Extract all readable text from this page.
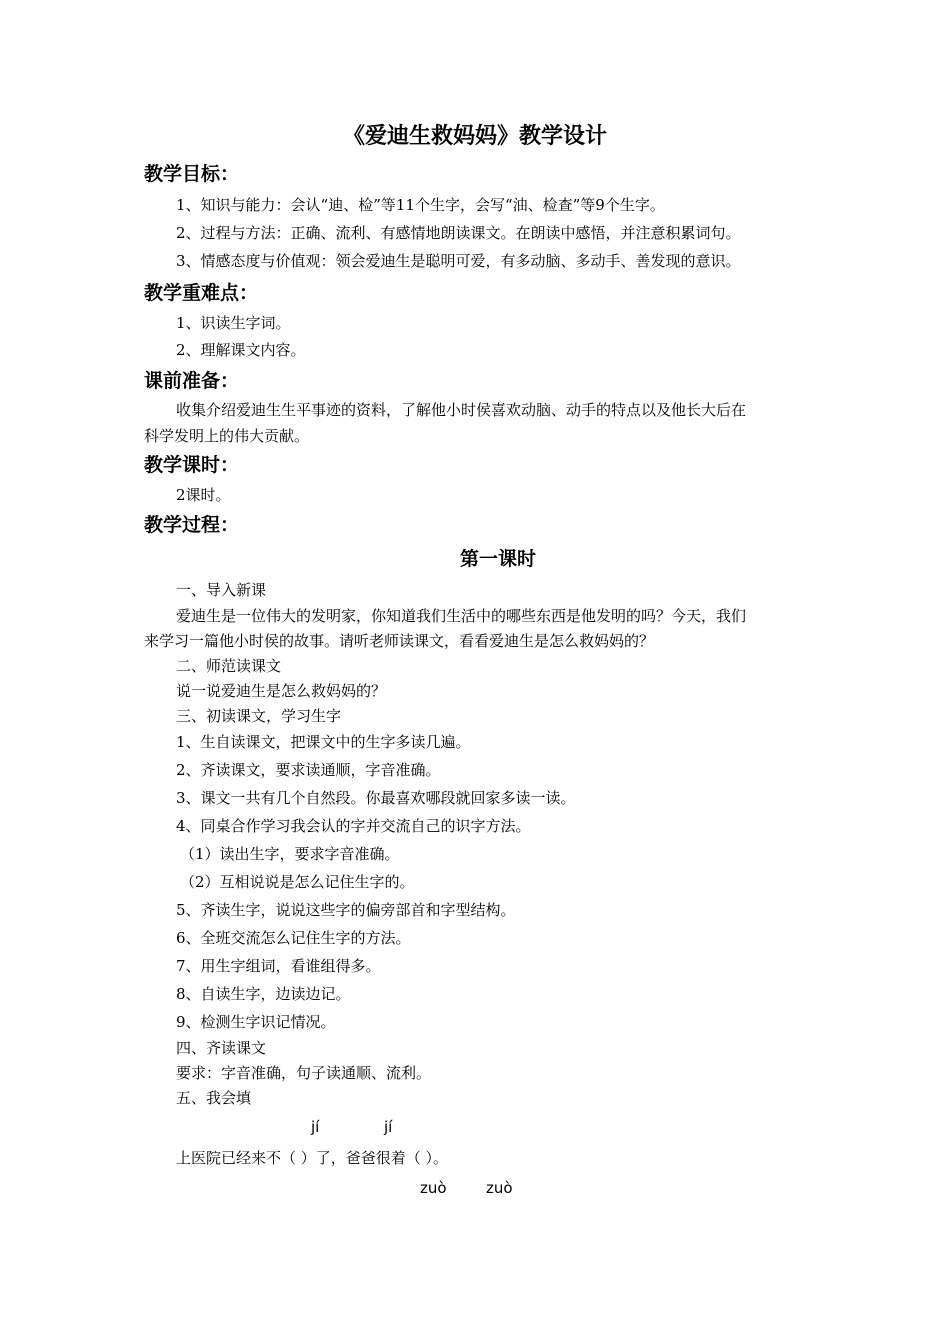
《爱迪生救妈妈》教学设计
教学目标：
1、知识与能力：会认“迪、检”等11个生字，会写“油、检查”等9个生字。
2、过程与方法：正确、流利、有感情地朗读课文。在朗读中感悟，并注意积累词句。
3、情感态度与价值观：领会爱迪生是聪明可爱，有多动脑、多动手、善发现的意识。
教学重难点：
1、识读生字词。
2、理解课文内容。
课前准备：
收集介绍爱迪生生平事迹的资料，了解他小时侯喜欢动脑、动手的特点以及他长大后在
科学发明上的伟大贡献。
教学课时：
2课时。
教学过程：
第一课时
一、导入新课
爱迪生是一位伟大的发明家，你知道我们生活中的哪些东西是他发明的吗？今天，我们
来学习一篇他小时侯的故事。请听老师读课文，看看爱迪生是怎么救妈妈的？
二、师范读课文
说一说爱迪生是怎么救妈妈的？
三、初读课文，学习生字
1、生自读课文，把课文中的生字多读几遍。
2、齐读课文，要求读通顺，字音准确。
3、课文一共有几个自然段。你最喜欢哪段就回家多读一读。
4、同桌合作学习我会认的字并交流自己的识字方法。
（1）读出生字，要求字音准确。
（2）互相说说是怎么记住生字的。
5、齐读生字，说说这些字的偏旁部首和字型结构。
6、全班交流怎么记住生字的方法。
7、用生字组词，看谁组得多。
8、自读生字，边读边记。
9、检测生字识记情况。
四、齐读课文
要求：字音准确，句子读通顺、流利。
五、我会填
jí	jí
上医院已经来不（ ）了，爸爸很着（ ）。
zuò	zuò
